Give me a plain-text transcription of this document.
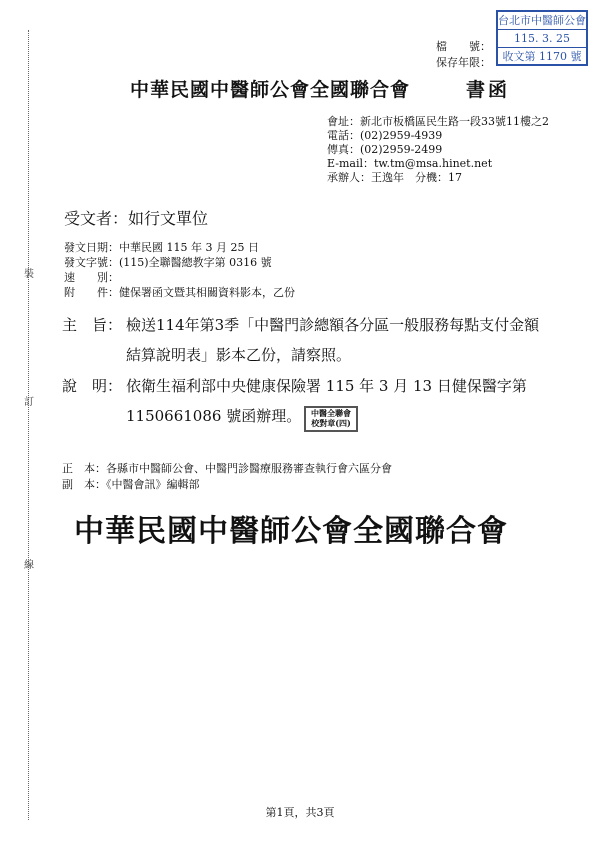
裝
訂
線
檔　　號：
保存年限：
台北市中醫師公會
115. 3. 25
收文第 1170 號
中華民國中醫師公會全國聯合會	書函
會址：新北市板橋區民生路一段33號11樓之2
電話：(02)2959-4939
傳真：(02)2959-2499
E-mail：tw.tm@msa.hinet.net
承辦人：王逸年　分機：17
受文者：如行文單位
發文日期：中華民國 115 年 3 月 25 日
發文字號：(115)全聯醫總教字第 0316 號
速　　別：
附　　件：健保署函文暨其相關資料影本，乙份
主　旨： 檢送114年第3季「中醫門診總額各分區一般服務每點支付金額
結算說明表」影本乙份，請察照。
說　明： 依衛生福利部中央健康保險署 115 年 3 月 13 日健保醫字第
1150661086 號函辦理。	中醫全聯會 校對章(四)
正　本：各縣市中醫師公會、中醫門診醫療服務審查執行會六區分會
副　本：《中醫會訊》編輯部
中華民國中醫師公會全國聯合會
第1頁，共3頁
